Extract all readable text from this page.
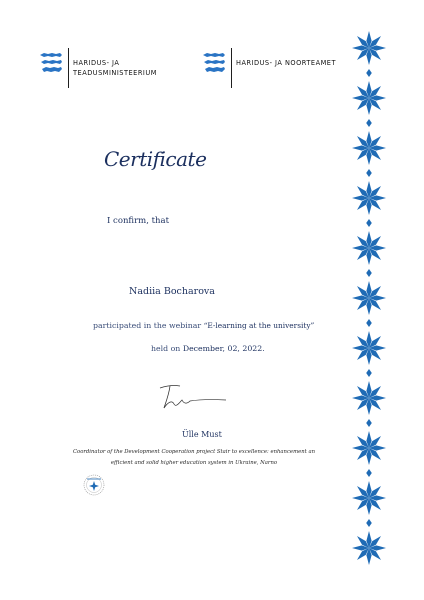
HARIDUS- JA
TEADUSMINISTEERIUM
HARIDUS- JA NOORTEAMET
Certificate
I confirm, that
Nadiia Bocharova
participated in the webinar “E-learning at the university”
held on December, 02, 2022.
Ülle Must
Coordinator of the Development Cooperation project Stair to excellence: enhancement an
efficient and solid higher education system in Ukraine, Narno
